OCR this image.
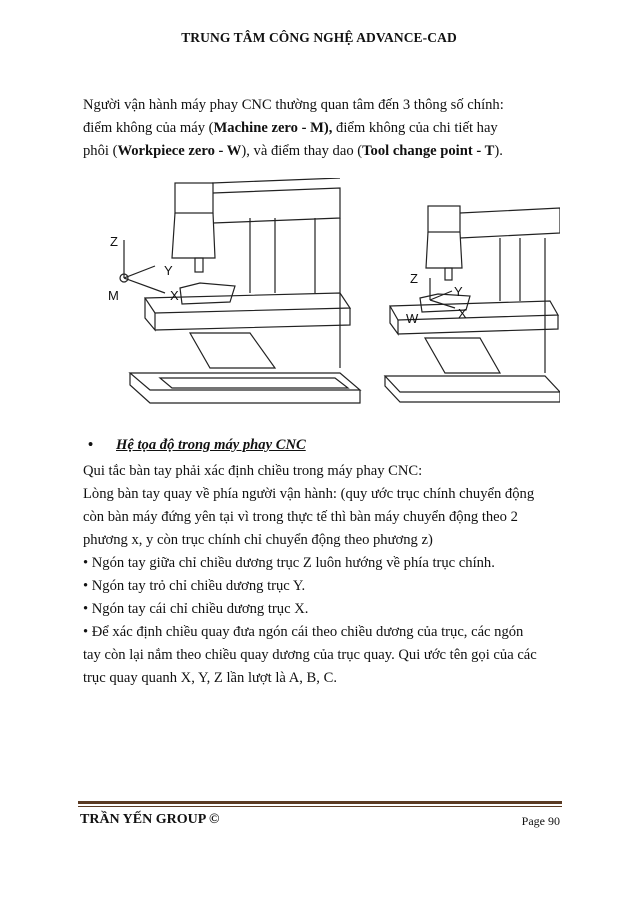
TRUNG TÂM CÔNG NGHỆ ADVANCE-CAD
Người vận hành máy phay CNC thường quan tâm đến 3 thông số chính:
điểm không của máy (Machine zero - M), điểm không của chi tiết hay
phôi (Workpiece zero - W), và điểm thay dao (Tool change point - T).
Z
Y
X
M
Z
Y
X
W
• Hệ tọa độ trong máy phay CNC
Qui tắc bàn tay phải xác định chiều trong máy phay CNC:
Lòng bàn tay quay về phía người vận hành: (quy ước trục chính chuyển động
còn bàn máy đứng yên tại vì trong thực tế thì bàn máy chuyển động theo 2
phương x, y còn trục chính chỉ chuyển động theo phương z)
• Ngón tay giữa chỉ chiều dương trục Z luôn hướng về phía trục chính.
• Ngón tay trỏ chỉ chiều dương trục Y.
• Ngón tay cái chỉ chiều dương trục X.
• Để xác định chiều quay đưa ngón cái theo chiều dương của trục, các ngón
tay còn lại nắm theo chiều quay dương của trục quay. Qui ước tên gọi của các
trục quay quanh X, Y, Z lần lượt là A, B, C.
TRẦN YẾN GROUP ©	Page 90
